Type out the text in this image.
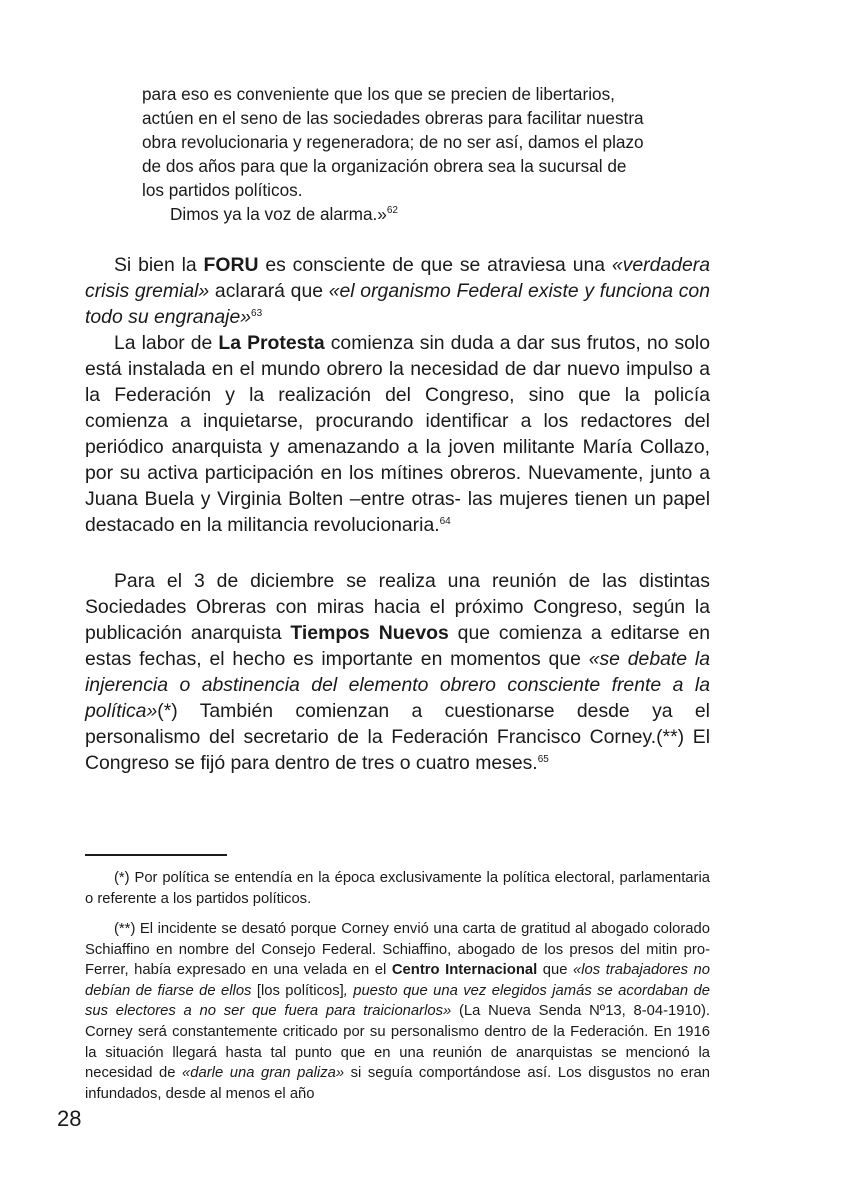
para eso es conveniente que los que se precien de libertarios,

actúen en el seno de las sociedades obreras para facilitar nuestra

obra revolucionaria y regeneradora; de no ser así, damos el plazo

de dos años para que la organización obrera sea la sucursal de

los partidos políticos.

Dimos ya la voz de alarma.»$^{62}$

Si bien la FORU es consciente de que se atraviesa una «verdadera crisis gremial» aclarará que «el organismo Federal existe y funciona con todo su engranaje»$^{63}$

La labor de La Protesta comienza sin duda a dar sus frutos, no solo está instalada en el mundo obrero la necesidad de dar nuevo impulso a la Federación y la realización del Congreso, sino que la policía comienza a inquietarse, procurando identificar a los redactores del periódico anarquista y amenazando a la joven militante María Collazo, por su activa participación en los mítines obreros. Nuevamente, junto a Juana Buela y Virginia Bolten –entre otras- las mujeres tienen un papel destacado en la militancia revolucionaria.$^{64}$

Para el 3 de diciembre se realiza una reunión de las distintas Sociedades Obreras con miras hacia el próximo Congreso, según la publicación anarquista Tiempos Nuevos que comienza a editarse en estas fechas, el hecho es importante en momentos que «se debate la injerencia o abstinencia del elemento obrero consciente frente a la política»(*) También comienzan a cuestionarse desde ya el personalismo del secretario de la Federación Francisco Corney.(**) El Congreso se fijó para dentro de tres o cuatro meses.$^{65}$

(*) Por política se entendía en la época exclusivamente la política electoral, parlamentaria o referente a los partidos políticos.

(**) El incidente se desató porque Corney envió una carta de gratitud al abogado colorado Schiaffino en nombre del Consejo Federal. Schiaffino, abogado de los presos del mitin pro-Ferrer, había expresado en una velada en el Centro Internacional que «los trabajadores no debían de fiarse de ellos [los políticos], puesto que una vez elegidos jamás se acordaban de sus electores a no ser que fuera para traicionarlos» (La Nueva Senda Nº13, 8-04-1910). Corney será constantemente criticado por su personalismo dentro de la Federación. En 1916 la situación llegará hasta tal punto que en una reunión de anarquistas se mencionó la necesidad de «darle una gran paliza» si seguía comportándose así. Los disgustos no eran infundados, desde al menos el año

28
